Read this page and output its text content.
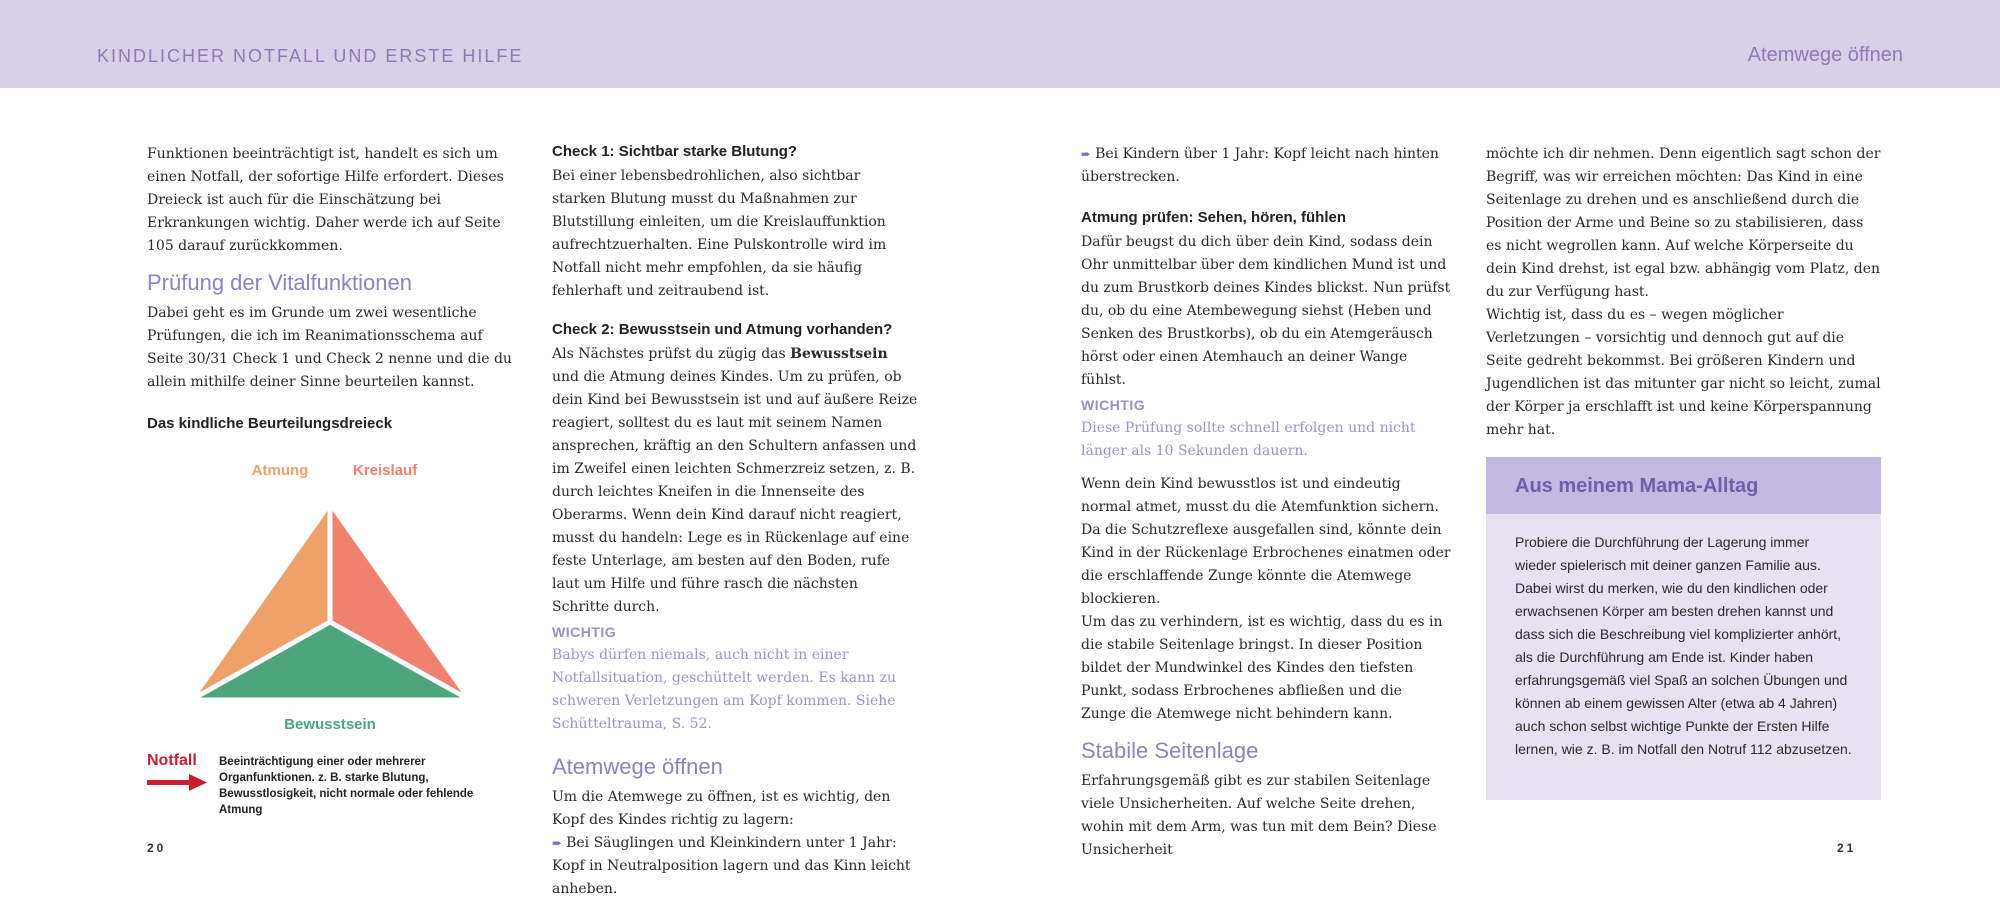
KINDLICHER NOTFALL UND ERSTE HILFE	Atemwege öffnen

Funktionen beeinträchtigt ist, handelt es sich um einen Notfall, der sofortige Hilfe erfordert. Dieses Dreieck ist auch für die Einschätzung bei Erkrankungen wichtig. Daher werde ich auf Seite 105 darauf zurückkommen.

Prüfung der Vitalfunktionen

Dabei geht es im Grunde um zwei wesentliche Prüfungen, die ich im Reanimationsschema auf Seite 30/31 Check 1 und Check 2 nenne und die du allein mithilfe deiner Sinne beurteilen kannst.

Das kindliche Beurteilungsdreieck
Atmung	Kreislauf
Bewusstsein
Notfall Beeinträchtigung einer oder mehrerer Organfunktionen. z. B. starke Blutung, Bewusstlosigkeit, nicht normale oder fehlende Atmung
Check 1: Sichtbar starke Blutung?

Bei einer lebensbedrohlichen, also sichtbar starken Blutung musst du Maßnahmen zur Blutstillung einleiten, um die Kreislauffunktion aufrechtzuerhalten. Eine Pulskontrolle wird im Notfall nicht mehr empfohlen, da sie häufig fehlerhaft und zeitraubend ist.

Check 2: Bewusstsein und Atmung vorhanden?

Als Nächstes prüfst du zügig das Bewusstsein und die Atmung deines Kindes. Um zu prüfen, ob dein Kind bei Bewusstsein ist und auf äußere Reize reagiert, solltest du es laut mit seinem Namen ansprechen, kräftig an den Schultern anfassen und im Zweifel einen leichten Schmerzreiz setzen, z. B. durch leichtes Kneifen in die Innenseite des Oberarms. Wenn dein Kind darauf nicht reagiert, musst du handeln: Lege es in Rückenlage auf eine feste Unterlage, am besten auf den Boden, rufe laut um Hilfe und führe rasch die nächsten Schritte durch.

WICHTIG

Babys dürfen niemals, auch nicht in einer Notfallsituation, geschüttelt werden. Es kann zu schweren Verletzungen am Kopf kommen. Siehe Schütteltrauma, S. 52.

Atemwege öffnen

Um die Atemwege zu öffnen, ist es wichtig, den Kopf des Kindes richtig zu lagern:

➨ Bei Säuglingen und Kleinkindern unter 1 Jahr: Kopf in Neutralposition lagern und das Kinn leicht anheben.

➨ Bei Kindern über 1 Jahr: Kopf leicht nach hinten überstrecken.

Atmung prüfen: Sehen, hören, fühlen

Dafür beugst du dich über dein Kind, sodass dein Ohr unmittelbar über dem kindlichen Mund ist und du zum Brustkorb deines Kindes blickst. Nun prüfst du, ob du eine Atembewegung siehst (Heben und Senken des Brustkorbs), ob du ein Atemgeräusch hörst oder einen Atemhauch an deiner Wange fühlst.

WICHTIG

Diese Prüfung sollte schnell erfolgen und nicht länger als 10 Sekunden dauern.

Wenn dein Kind bewusstlos ist und eindeutig normal atmet, musst du die Atemfunktion sichern. Da die Schutzreflexe ausgefallen sind, könnte dein Kind in der Rückenlage Erbrochenes einatmen oder die erschlaffende Zunge könnte die Atemwege blockieren.

Um das zu verhindern, ist es wichtig, dass du es in die stabile Seitenlage bringst. In dieser Position bildet der Mundwinkel des Kindes den tiefsten Punkt, sodass Erbrochenes abfließen und die Zunge die Atemwege nicht behindern kann.

Stabile Seitenlage

Erfahrungsgemäß gibt es zur stabilen Seitenlage viele Unsicherheiten. Auf welche Seite drehen, wohin mit dem Arm, was tun mit dem Bein? Diese Unsicherheit

möchte ich dir nehmen. Denn eigentlich sagt schon der Begriff, was wir erreichen möchten: Das Kind in eine Seitenlage zu drehen und es anschließend durch die Position der Arme und Beine so zu stabilisieren, dass es nicht wegrollen kann. Auf welche Körperseite du dein Kind drehst, ist egal bzw. abhängig vom Platz, den du zur Verfügung hast.

Wichtig ist, dass du es – wegen möglicher Verletzungen – vorsichtig und dennoch gut auf die Seite gedreht bekommst. Bei größeren Kindern und Jugendlichen ist das mitunter gar nicht so leicht, zumal der Körper ja erschlafft ist und keine Körperspannung mehr hat.

Aus meinem Mama-Alltag
Probiere die Durchführung der Lagerung immer wieder spielerisch mit deiner ganzen Familie aus. Dabei wirst du merken, wie du den kindlichen oder erwachsenen Körper am besten drehen kannst und dass sich die Beschreibung viel komplizierter anhört, als die Durchführung am Ende ist. Kinder haben erfahrungsgemäß viel Spaß an solchen Übungen und können ab einem gewissen Alter (etwa ab 4 Jahren) auch schon selbst wichtige Punkte der Ersten Hilfe lernen, wie z. B. im Notfall den Notruf 112 abzusetzen.
20	21
